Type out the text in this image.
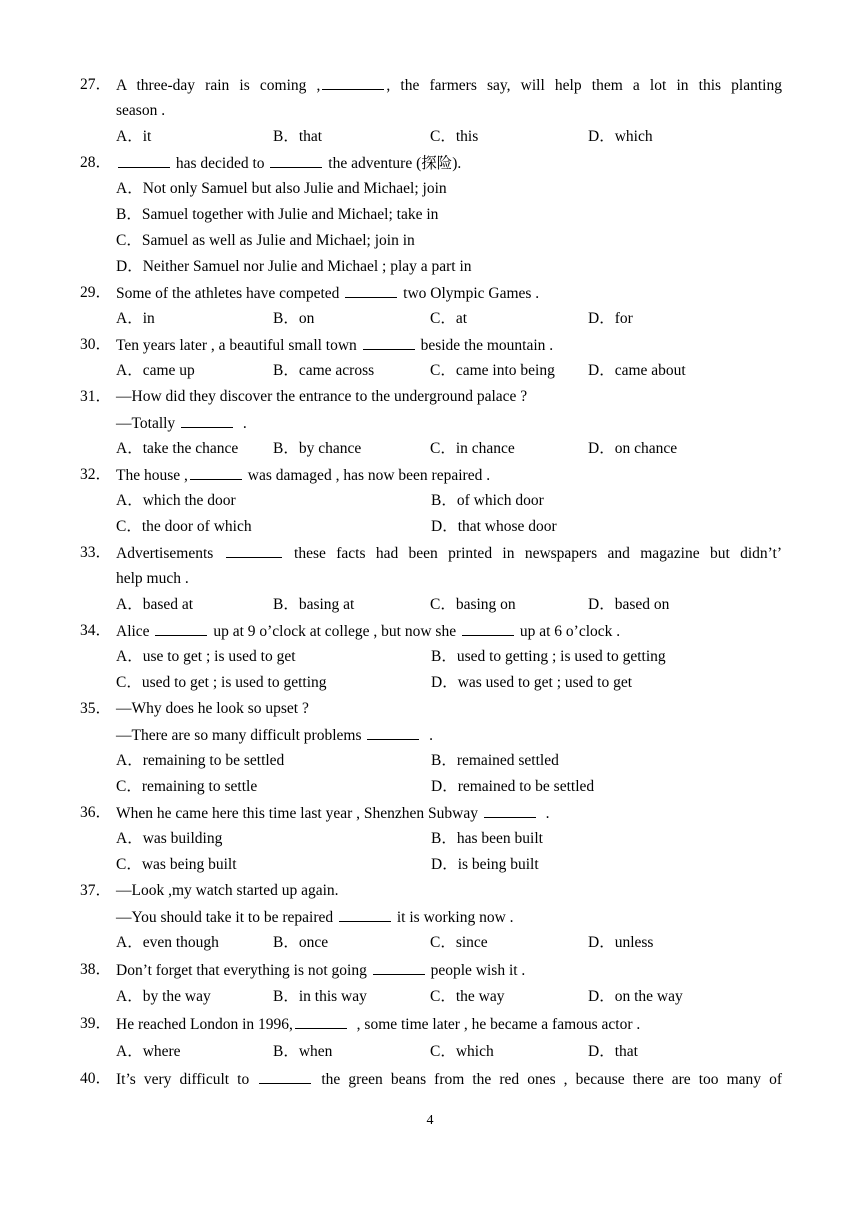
27． A three-day rain is coming ,	, the farmers say, will help them a lot in this planting
season .
A．it	B．that	C．this	D．which
28．	has decided to	the adventure (探险).
A．Not only Samuel but also Julie and Michael; join
B．Samuel together with Julie and Michael; take in
C．Samuel as well as Julie and Michael; join in
D．Neither Samuel nor Julie and Michael ; play a part in
29． Some of the athletes have competed	two Olympic Games .
A．in	B．on	C．at	D．for
30． Ten years later , a beautiful small town	beside the mountain .
A．came up	B．came across	C．came into being D．came about
31． —How did they discover the entrance to the underground palace ?
—Totally	.
A．take the chance B．by chance	C．in chance	D．on chance
32． The house ,	was damaged , has now been repaired .
A．which the door	B．of which door
C．the door of which	D．that whose door
33． Advertisements	these facts had been printed in newspapers and magazine but didn’t’
help much .
A．based at	B．basing at	C．basing on	D．based on
34． Alice	up at 9 o’clock at college , but now she	up at 6 o’clock .
A．use to get ; is used to get	B．used to getting ; is used to getting
C．used to get ; is used to getting	D．was used to get ; used to get
35． —Why does he look so upset ?
—There are so many difficult problems	.
A．remaining to be settled	B．remained settled
C．remaining to settle	D．remained to be settled
36． When he came here this time last year , Shenzhen Subway	.
A．was building	B．has been built
C．was being built	D．is being built
37． —Look ,my watch started up again.
—You should take it to be repaired	it is working now .
A．even though	B．once	C．since	D．unless
38． Don’t forget that everything is not going	people wish it .
A．by the way	B．in this way	C．the way	D．on the way
39． He reached London in 1996,	, some time later , he became a famous actor .
A．where	B．when	C．which	D．that
40． It’s very difficult to	the green beans from the red ones , because there are too many of
4
